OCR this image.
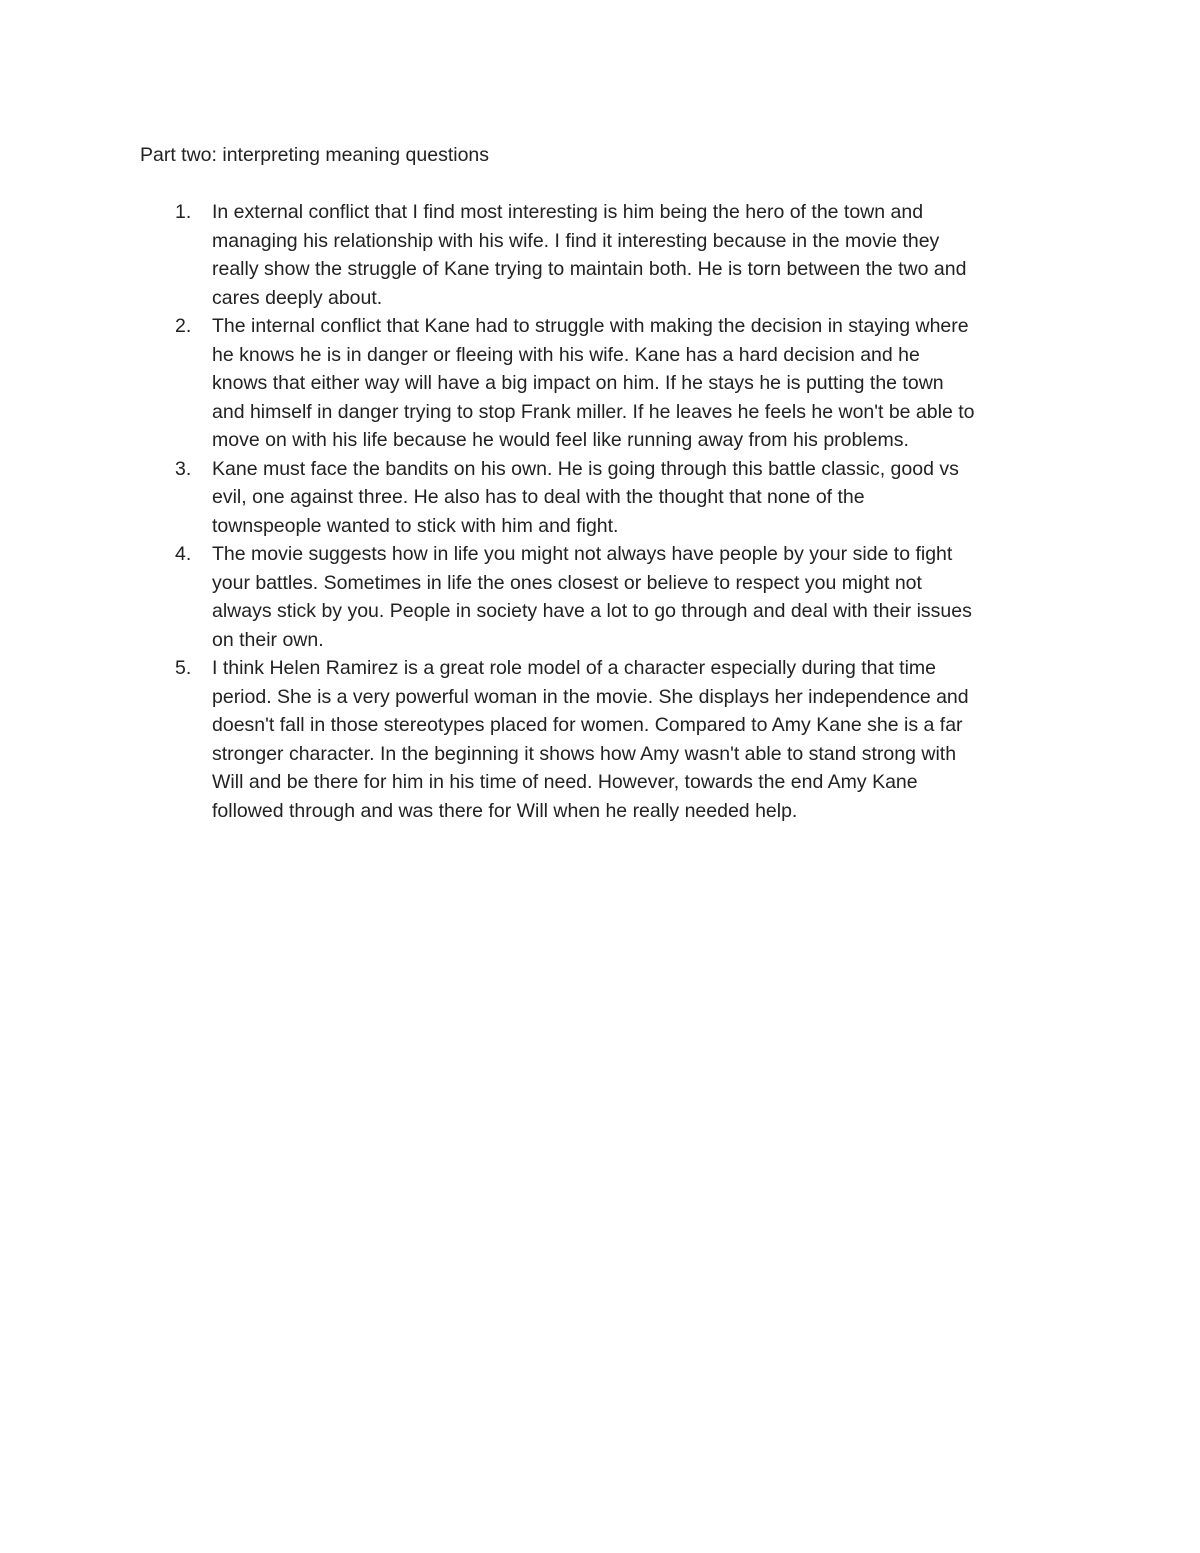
Part two: interpreting meaning questions
1. In external conflict that I find most interesting is him being the hero of the town and
managing his relationship with his wife. I find it interesting because in the movie they
really show the struggle of Kane trying to maintain both. He is torn between the two and
cares deeply about.
2. The internal conflict that Kane had to struggle with making the decision in staying where
he knows he is in danger or fleeing with his wife. Kane has a hard decision and he
knows that either way will have a big impact on him. If he stays he is putting the town
and himself in danger trying to stop Frank miller. If he leaves he feels he won't be able to
move on with his life because he would feel like running away from his problems.
3. Kane must face the bandits on his own. He is going through this battle classic, good vs
evil, one against three. He also has to deal with the thought that none of the
townspeople wanted to stick with him and fight.
4. The movie suggests how in life you might not always have people by your side to fight
your battles. Sometimes in life the ones closest or believe to respect you might not
always stick by you. People in society have a lot to go through and deal with their issues
on their own.
5. I think Helen Ramirez is a great role model of a character especially during that time
period. She is a very powerful woman in the movie. She displays her independence and
doesn't fall in those stereotypes placed for women. Compared to Amy Kane she is a far
stronger character. In the beginning it shows how Amy wasn't able to stand strong with
Will and be there for him in his time of need. However, towards the end Amy Kane
followed through and was there for Will when he really needed help.
